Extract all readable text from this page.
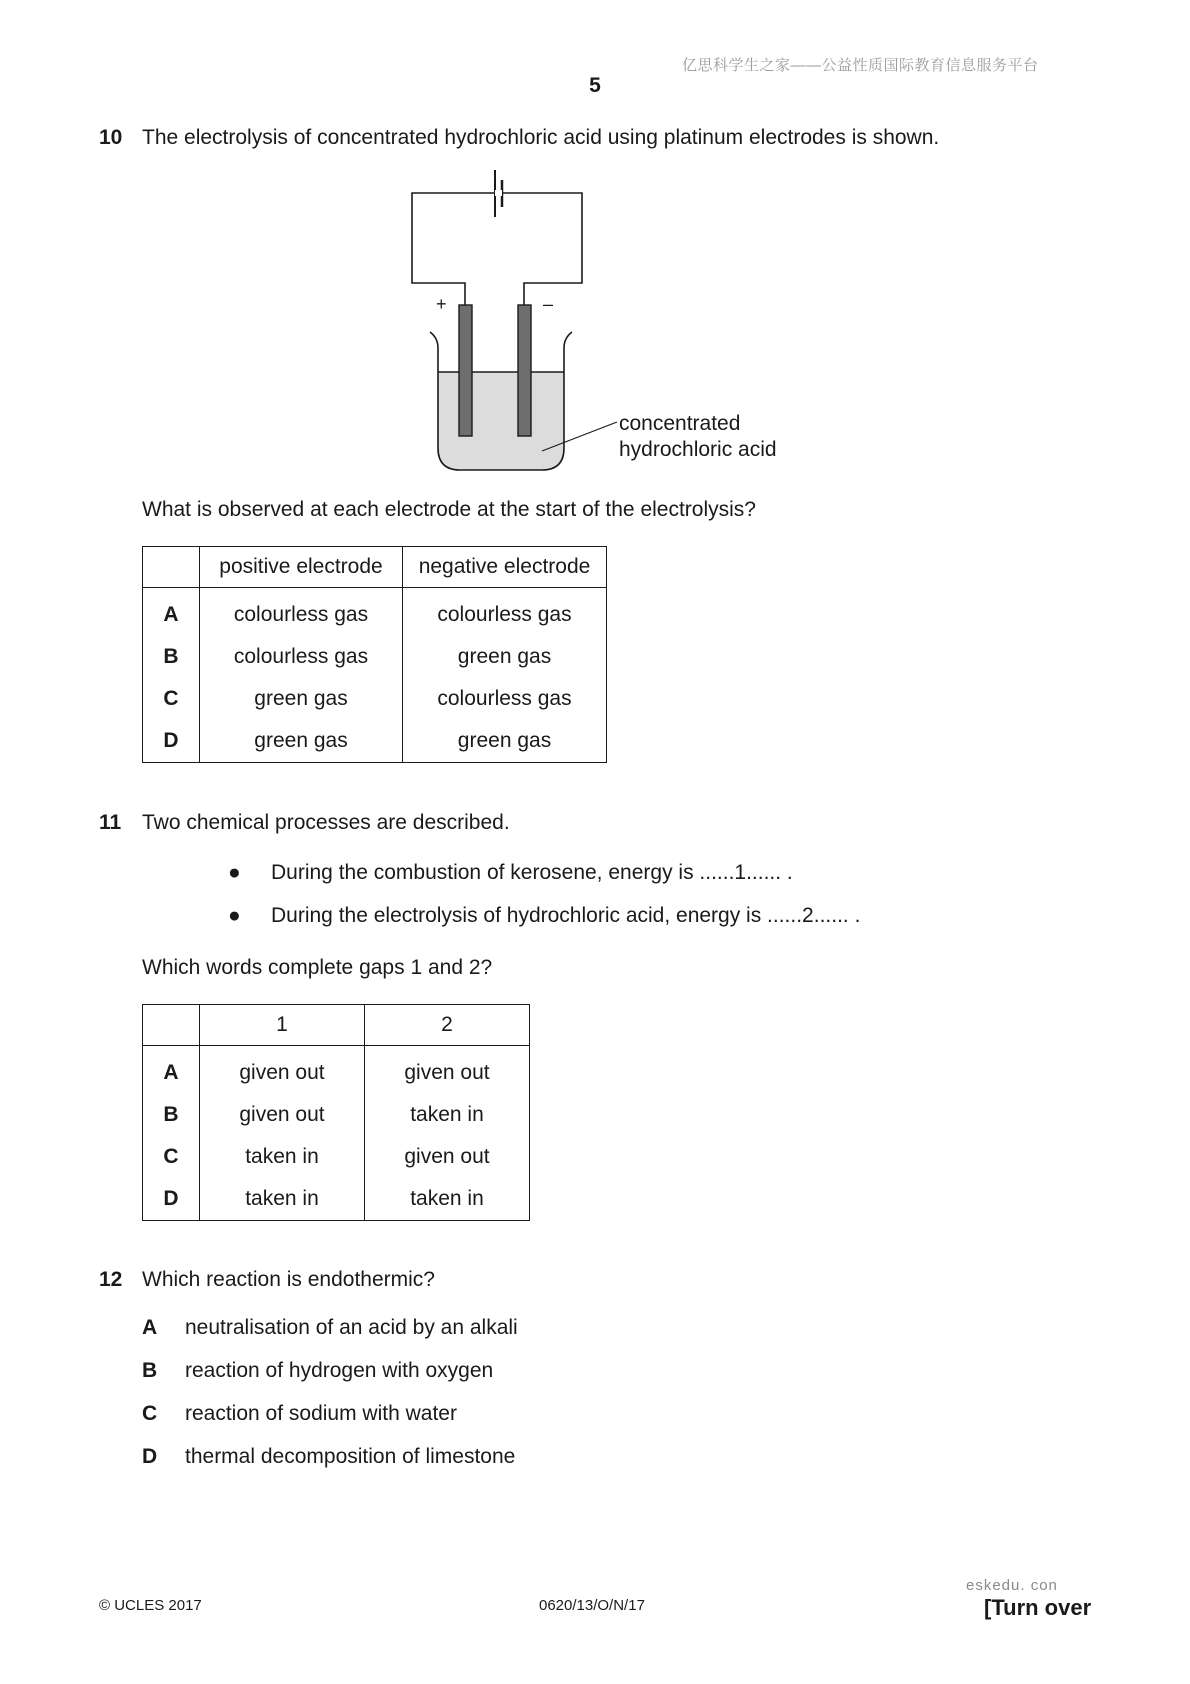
亿思科学生之家——公益性质国际教育信息服务平台
5
10 The electrolysis of concentrated hydrochloric acid using platinum electrodes is shown.
+	–
concentrated
hydrochloric acid
What is observed at each electrode at the start of the electrolysis?
	positive electrode	negative electrode
A	colourless gas	colourless gas
B	colourless gas	green gas
C	green gas	colourless gas
D	green gas	green gas
11 Two chemical processes are described.
● During the combustion of kerosene, energy is ......1...... .
● During the electrolysis of hydrochloric acid, energy is ......2...... .
Which words complete gaps 1 and 2?
	1	2
A	given out	given out
B	given out	taken in
C	taken in	given out
D	taken in	taken in
12 Which reaction is endothermic?
A neutralisation of an acid by an alkali
B reaction of hydrogen with oxygen
C reaction of sodium with water
D thermal decomposition of limestone
© UCLES 2017	0620/13/O/N/17
eskedu. con
[Turn over
